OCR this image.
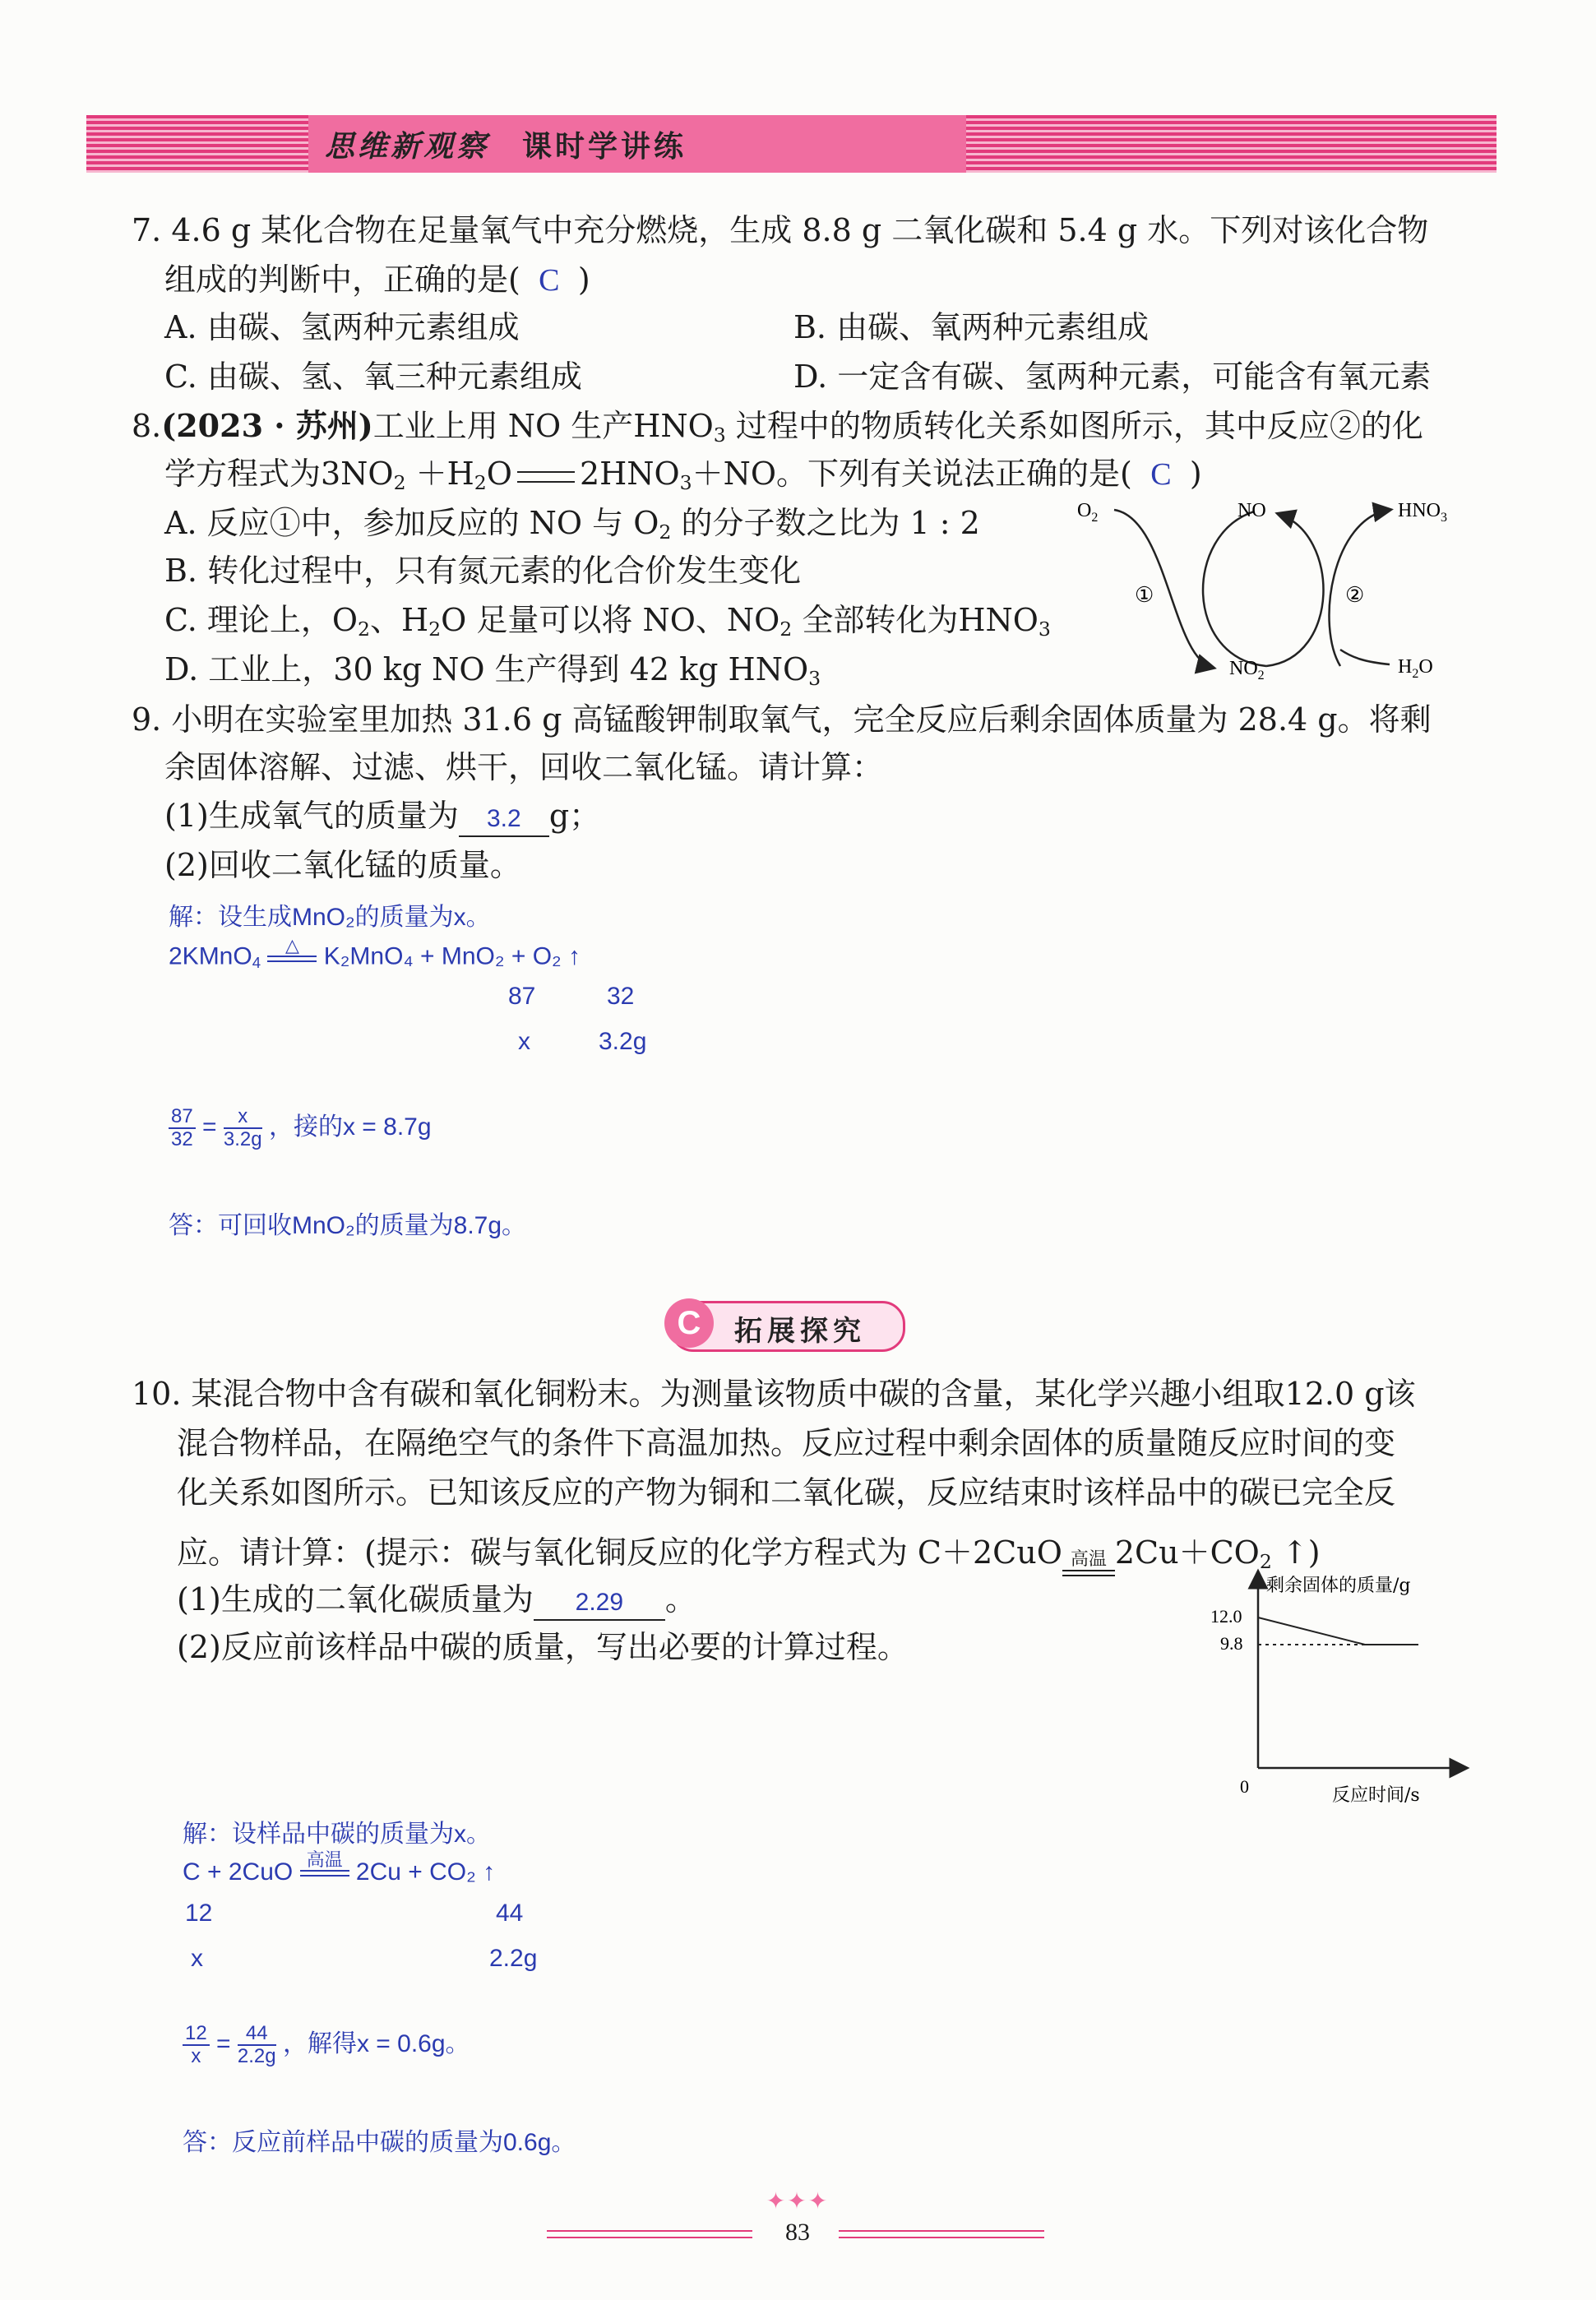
思维新观察 课时学讲练
7. 4.6 g 某化合物在足量氧气中充分燃烧，生成 8.8 g 二氧化碳和 5.4 g 水。下列对该化合物
组成的判断中，正确的是( C )
A. 由碳、氢两种元素组成	B. 由碳、氧两种元素组成
C. 由碳、氢、氧三种元素组成	D. 一定含有碳、氢两种元素，可能含有氧元素
8.(2023 · 苏州)工业上用 NO 生产$HNO_3$ 过程中的物质转化关系如图所示，其中反应②的化
学方程式为$3NO_2 +H_2O$ $2HNO_3+NO$。下列有关说法正确的是( C )
A. 反应①中，参加反应的 NO 与 $O_2$ 的分子数之比为 1 : 2
B. 转化过程中，只有氮元素的化合价发生变化
C. 理论上，$O_2$、$H_2O$ 足量可以将 NO、$NO_2$ 全部转化为$HNO_3$
D. 工业上，30 kg NO 生产得到 42 kg $HNO_3$
$O_2$	NO	$HNO_3$
$NO_2$	$H_2O$
①	②
9. 小明在实验室里加热 31.6 g 高锰酸钾制取氧气，完全反应后剩余固体质量为 28.4 g。将剩
余固体溶解、过滤、烘干，回收二氧化锰。请计算：
(1)生成氧气的质量为 3.2 g；
(2)回收二氧化锰的质量。
解：设生成MnO₂的质量为x。
2KMnO$_4$
△ K₂MnO₄ + MnO₂ + O₂ ↑
87	32
x	3.2g
$\frac{87}{32} = \frac{x}{3.2g}$ ，接的x = 8.7g
答：可回收MnO₂的质量为8.7g。
C	拓展探究
10. 某混合物中含有碳和氧化铜粉末。为测量该物质中碳的含量，某化学兴趣小组取12.0 g该
混合物样品，在隔绝空气的条件下高温加热。反应过程中剩余固体的质量随反应时间的变
化关系如图所示。已知该反应的产物为铜和二氧化碳，反应结束时该样品中的碳已完全反
应。请计算：(提示：碳与氧化铜反应的化学方程式为 C＋2CuO 高温 $2Cu+CO_2$ ↑)
(1)生成的二氧化碳质量为 2.29 。
(2)反应前该样品中碳的质量，写出必要的计算过程。
剩余固体的质量/g
12.0
9.8
0	反应时间/s
解：设样品中碳的质量为x。
C + 2CuO 高温 2Cu + CO₂ ↑
12	44
x	2.2g
$\frac{12}{x} = \frac{44}{2.2g}$ ，解得x = 0.6g。
答：反应前样品中碳的质量为0.6g。
✦✦✦
83
